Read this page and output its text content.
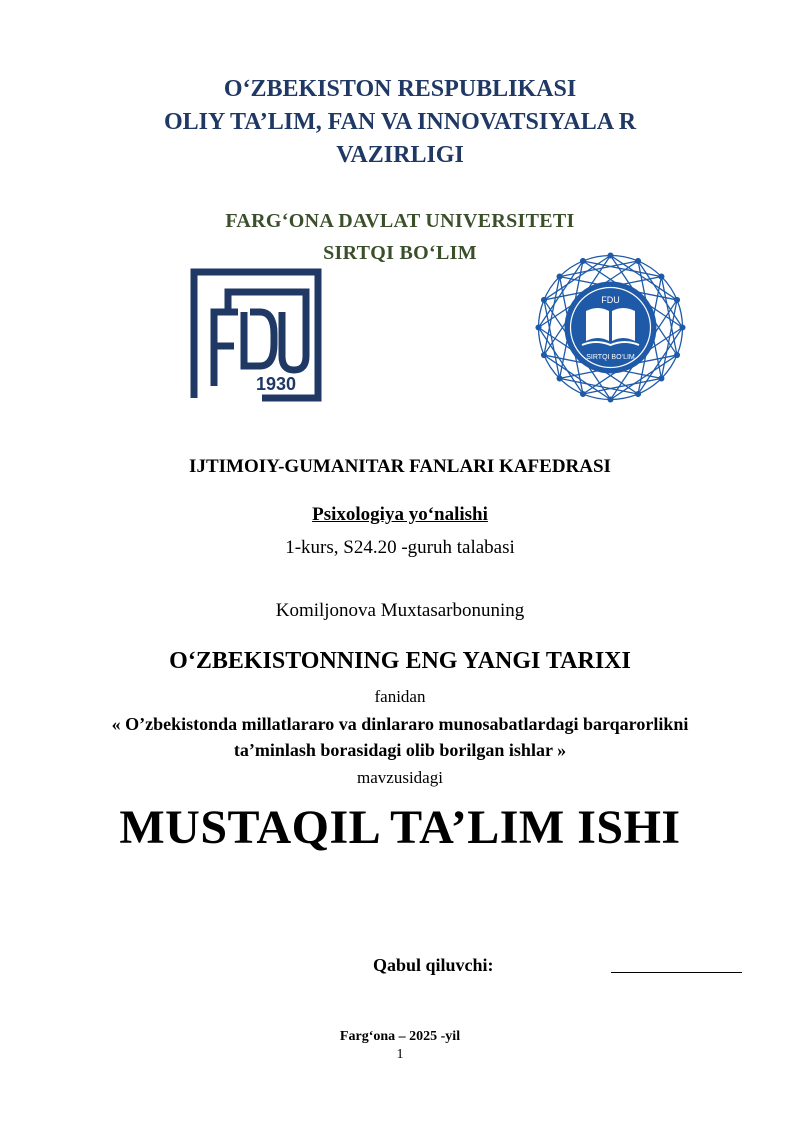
O‘ZBEKISTON RESPUBLIKASI
OLIY TA’LIM, FAN VA INNOVATSIYALA R
VAZIRLIGI
FARG‘ONA DAVLAT UNIVERSITETI
SIRTQI BO‘LIM
1930
FDU
SIRTQI BO‘LIM
IJTIMOIY-GUMANITAR FANLARI KAFEDRASI
Psixologiya yo‘nalishi
1-kurs, S24.20 -guruh talabasi
Komiljonova Muxtasarbonuning
O‘ZBEKISTONNING ENG YANGI TARIXI
fanidan
« O’zbekistonda millatlararo va dinlararo munosabatlardagi barqarorlikni
ta’minlash borasidagi olib borilgan ishlar »
mavzusidagi
MUSTAQIL TA’LIM ISHI
Qabul qiluvchi:
Farg‘ona – 2025 -yil
1
